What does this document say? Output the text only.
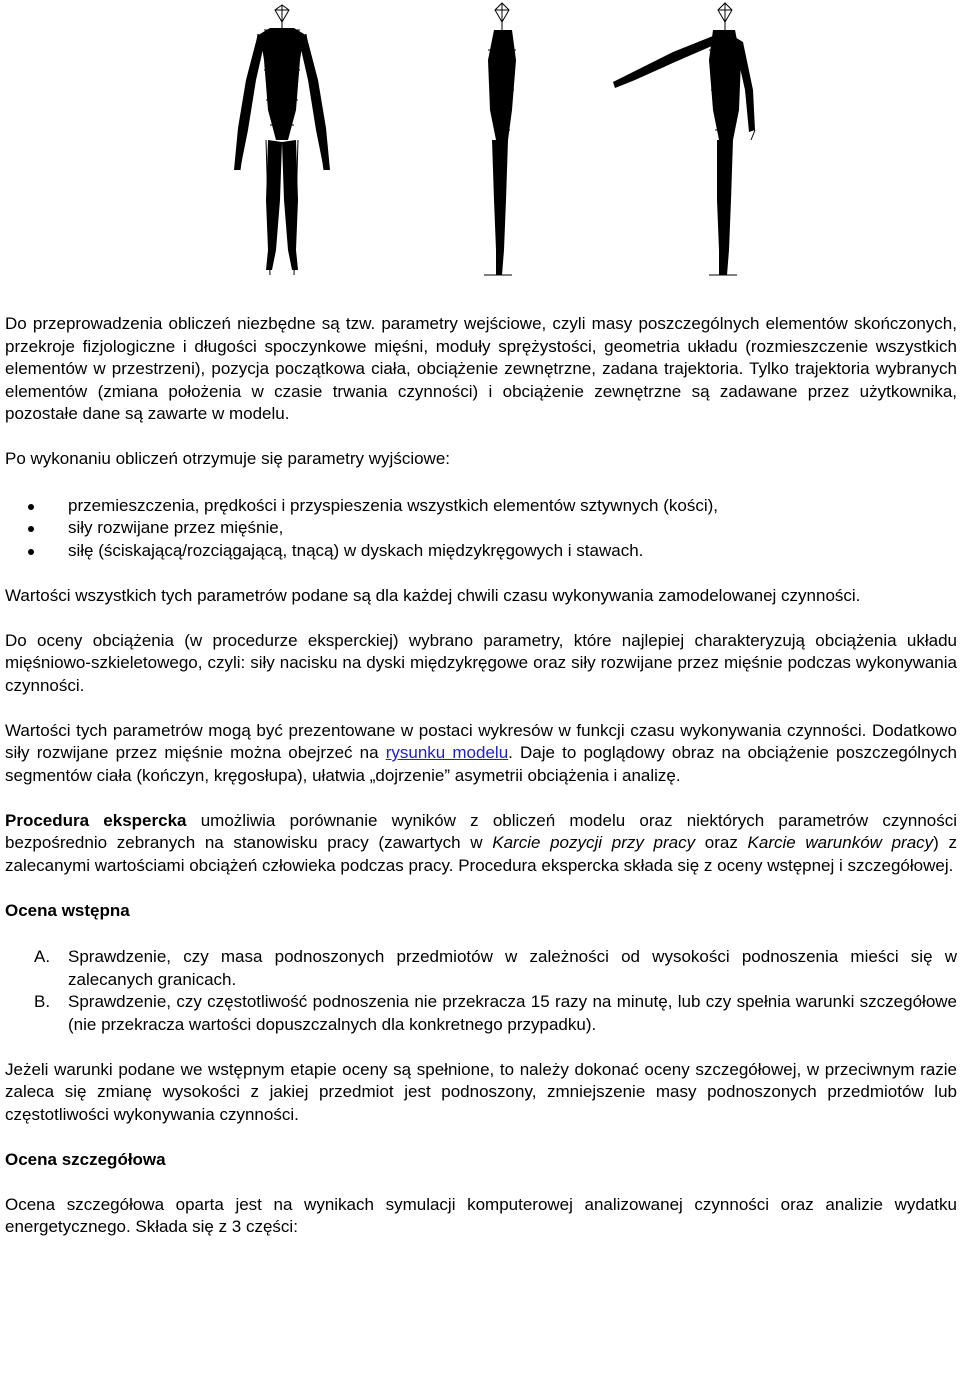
Do przeprowadzenia obliczeń niezbędne są tzw. parametry wejściowe, czyli masy poszczególnych elementów skończonych, przekroje fizjologiczne i długości spoczynkowe mięśni, moduły sprężystości, geometria układu (rozmieszczenie wszystkich elementów w przestrzeni), pozycja początkowa ciała, obciążenie zewnętrzne, zadana trajektoria. Tylko trajektoria wybranych elementów (zmiana położenia w czasie trwania czynności) i obciążenie zewnętrzne są zadawane przez użytkownika, pozostałe dane są zawarte w modelu.

Po wykonaniu obliczeń otrzymuje się parametry wyjściowe:

przemieszczenia, prędkości i przyspieszenia wszystkich elementów sztywnych (kości),
siły rozwijane przez mięśnie,
siłę (ściskającą/rozciągającą, tnącą) w dyskach międzykręgowych i stawach.

Wartości wszystkich tych parametrów podane są dla każdej chwili czasu wykonywania zamodelowanej czynności.

Do oceny obciążenia (w procedurze eksperckiej) wybrano parametry, które najlepiej charakteryzują obciążenia układu mięśniowo-szkieletowego, czyli: siły nacisku na dyski międzykręgowe oraz siły rozwijane przez mięśnie podczas wykonywania czynności.

Wartości tych parametrów mogą być prezentowane w postaci wykresów w funkcji czasu wykonywania czynności. Dodatkowo siły rozwijane przez mięśnie można obejrzeć na rysunku modelu. Daje to poglądowy obraz na obciążenie poszczególnych segmentów ciała (kończyn, kręgosłupa), ułatwia „dojrzenie” asymetrii obciążenia i analizę.

Procedura ekspercka umożliwia porównanie wyników z obliczeń modelu oraz niektórych parametrów czynności bezpośrednio zebranych na stanowisku pracy (zawartych w Karcie pozycji przy pracy oraz Karcie warunków pracy) z zalecanymi wartościami obciążeń człowieka podczas pracy. Procedura ekspercka składa się z oceny wstępnej i szczegółowej.

Ocena wstępna
A. Sprawdzenie, czy masa podnoszonych przedmiotów w zależności od wysokości podnoszenia mieści się w zalecanych granicach.
B. Sprawdzenie, czy częstotliwość podnoszenia nie przekracza 15 razy na minutę, lub czy spełnia warunki szczegółowe (nie przekracza wartości dopuszczalnych dla konkretnego przypadku).

Jeżeli warunki podane we wstępnym etapie oceny są spełnione, to należy dokonać oceny szczegółowej, w przeciwnym razie zaleca się zmianę wysokości z jakiej przedmiot jest podnoszony, zmniejszenie masy podnoszonych przedmiotów lub częstotliwości wykonywania czynności.

Ocena szczegółowa

Ocena szczegółowa oparta jest na wynikach symulacji komputerowej analizowanej czynności oraz analizie wydatku energetycznego. Składa się z 3 części:
